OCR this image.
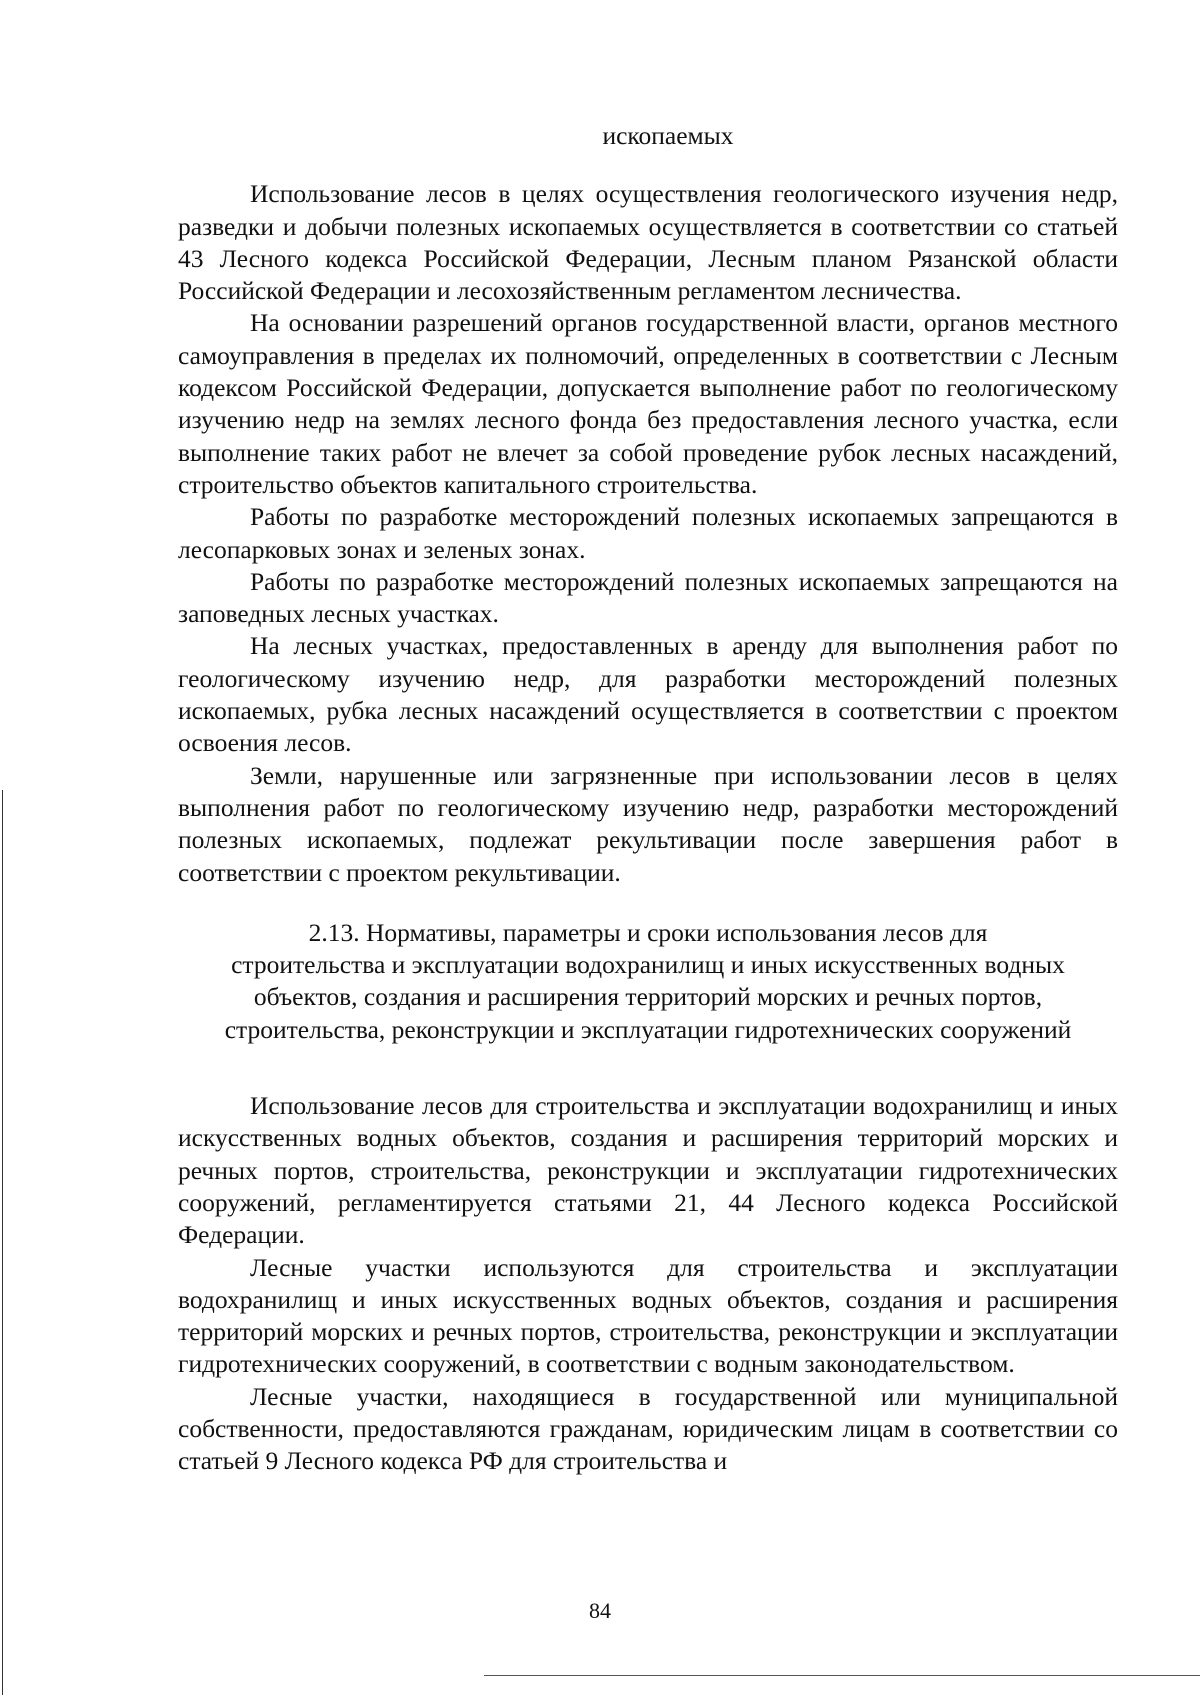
ископаемых

Использование лесов в целях осуществления геологического изучения недр, разведки и добычи полезных ископаемых осуществляется в соответствии со статьей 43 Лесного кодекса Российской Федерации, Лесным планом Рязанской области Российской Федерации и лесохозяйственным регламентом лесничества.

На основании разрешений органов государственной власти, органов местного самоуправления в пределах их полномочий, определенных в соответствии с Лесным кодексом Российской Федерации, допускается выполнение работ по геологическому изучению недр на землях лесного фонда без предоставления лесного участка, если выполнение таких работ не влечет за собой проведение рубок лесных насаждений, строительство объектов капитального строительства.

Работы по разработке месторождений полезных ископаемых запрещаются в лесопарковых зонах и зеленых зонах.

Работы по разработке месторождений полезных ископаемых запрещаются на заповедных лесных участках.

На лесных участках, предоставленных в аренду для выполнения работ по геологическому изучению недр, для разработки месторождений полезных ископаемых, рубка лесных насаждений осуществляется в соответствии с проектом освоения лесов.

Земли, нарушенные или загрязненные при использовании лесов в целях выполнения работ по геологическому изучению недр, разработки месторождений полезных ископаемых, подлежат рекультивации после завершения работ в соответствии с проектом рекультивации.

2.13. Нормативы, параметры и сроки использования лесов для
строительства и эксплуатации водохранилищ и иных искусственных водных
объектов, создания и расширения территорий морских и речных портов,
строительства, реконструкции и эксплуатации гидротехнических сооружений

Использование лесов для строительства и эксплуатации водохранилищ и иных искусственных водных объектов, создания и расширения территорий морских и речных портов, строительства, реконструкции и эксплуатации гидротехнических сооружений, регламентируется статьями 21, 44 Лесного кодекса Российской Федерации.

Лесные участки используются для строительства и эксплуатации водохранилищ и иных искусственных водных объектов, создания и расширения территорий морских и речных портов, строительства, реконструкции и эксплуатации гидротехнических сооружений, в соответствии с водным законодательством.

Лесные участки, находящиеся в государственной или муниципальной собственности, предоставляются гражданам, юридическим лицам в соответствии со статьей 9 Лесного кодекса РФ для строительства и

84
